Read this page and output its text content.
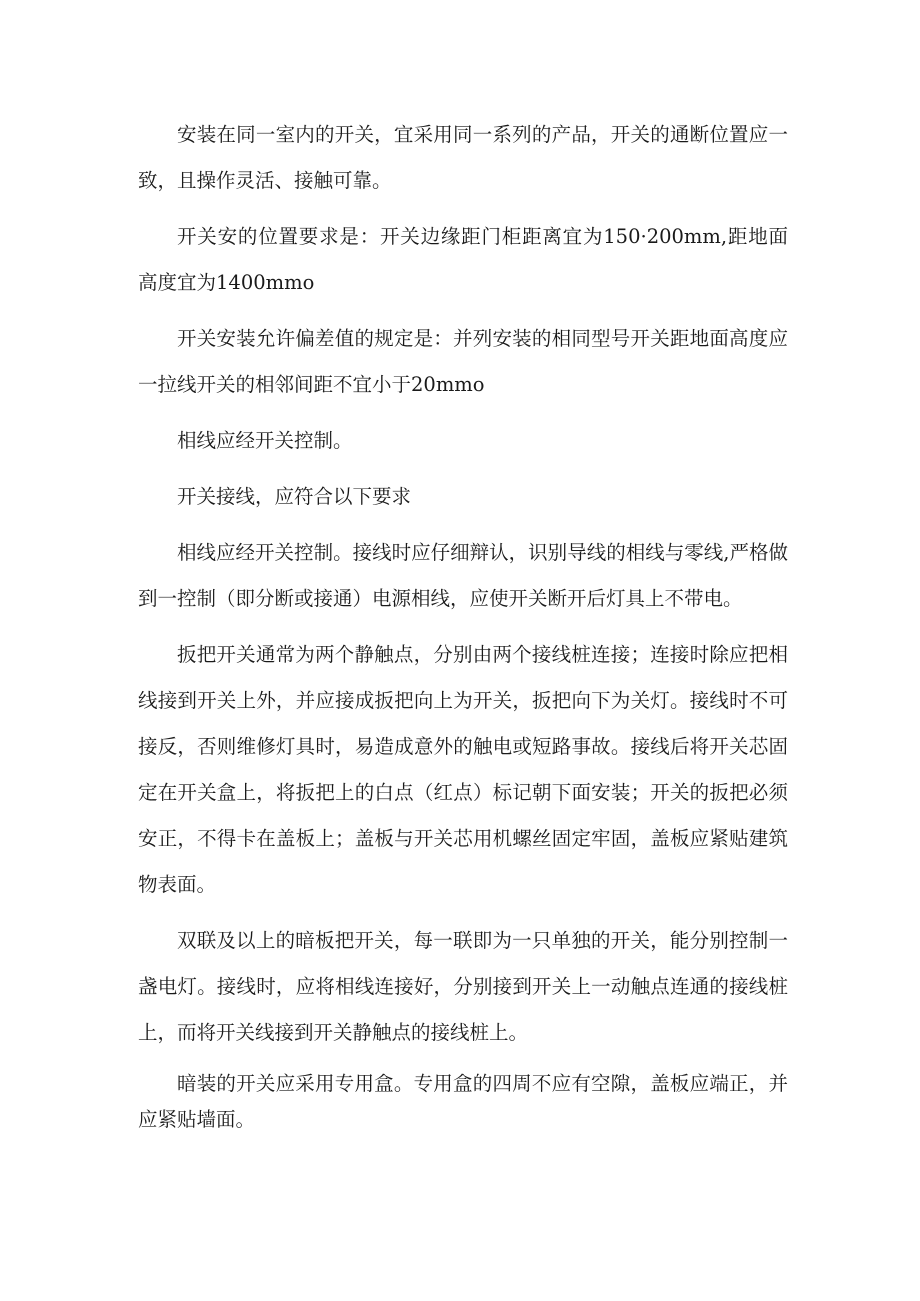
安装在同一室内的开关，宜采用同一系列的产品，开关的通断位置应一致，且操作灵活、接触可靠。

开关安的位置要求是：开关边缘距门柜距离宜为150·200mm,距地面高度宜为1400mmo

开关安装允许偏差值的规定是：并列安装的相同型号开关距地面高度应一拉线开关的相邻间距不宜小于20mmo

相线应经开关控制。

开关接线，应符合以下要求

相线应经开关控制。接线时应仔细辩认，识别导线的相线与零线,严格做到一控制（即分断或接通）电源相线，应使开关断开后灯具上不带电。

扳把开关通常为两个静触点，分别由两个接线桩连接；连接时除应把相线接到开关上外，并应接成扳把向上为开关，扳把向下为关灯。接线时不可接反，否则维修灯具时，易造成意外的触电或短路事故。接线后将开关芯固定在开关盒上，将扳把上的白点（红点）标记朝下面安装；开关的扳把必须安正，不得卡在盖板上；盖板与开关芯用机螺丝固定牢固，盖板应紧贴建筑物表面。

双联及以上的暗板把开关，每一联即为一只单独的开关，能分别控制一盏电灯。接线时，应将相线连接好，分别接到开关上一动触点连通的接线桩上，而将开关线接到开关静触点的接线桩上。

暗装的开关应采用专用盒。专用盒的四周不应有空隙，盖板应端正，并应紧贴墙面。
